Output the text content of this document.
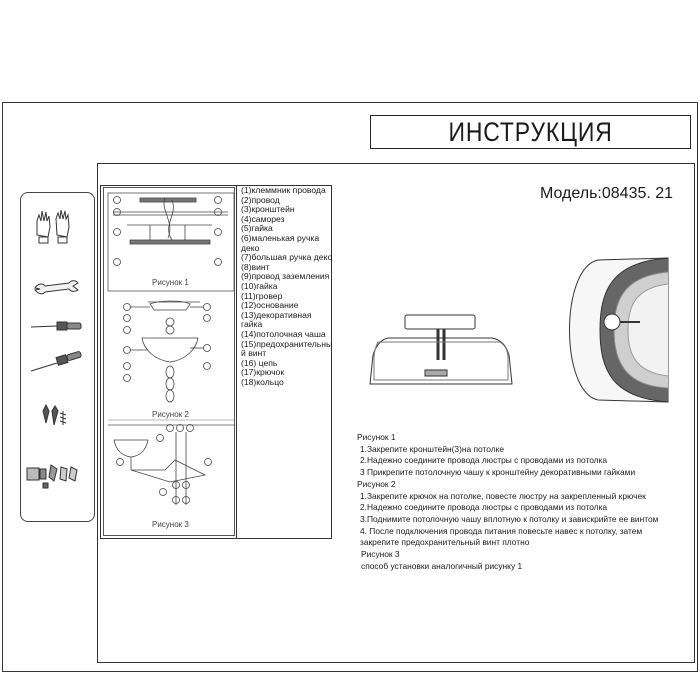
ИНСТРУКЦИЯ
Модель:08435. 21
Рисунок 1
Рисунок 2
Рисунок 3
(1)клеммник провода
(2)провод
(3)кронштейн
(4)саморез
(5)гайка
(6)маленькая ручка
деко
(7)большая ручка деко
(8)винт
(9)провод заземления
(10)гайка
(11)гровер
(12)основание
(13)декоративная
гайка
(14)потолочная чаша
(15)предохранительны
й винт
(16) цепь
(17)крючок
(18)кольцо
Рисунок 1
1.Закрепите кронштейн(3)на потолке
2.Надежно соедините провода люстры с проводами из потолка
3 Прикрепите потолочную чашу к кронштейну декоративными гайками
Рисунок 2
1.Закрепите крючок на потолке, повесте люстру на закрепленный крючек
2.Надежно соедините провода люстры с проводами из потолка
3.Поднимите потолочную чашу вплотную к потолку и завискрийте ее винтом
4. После подключения провода питания повесьте навес к потолку, затем
закрепите предохранительный винт плотно
Рисунок 3
способ установки аналогичный рисунку 1
